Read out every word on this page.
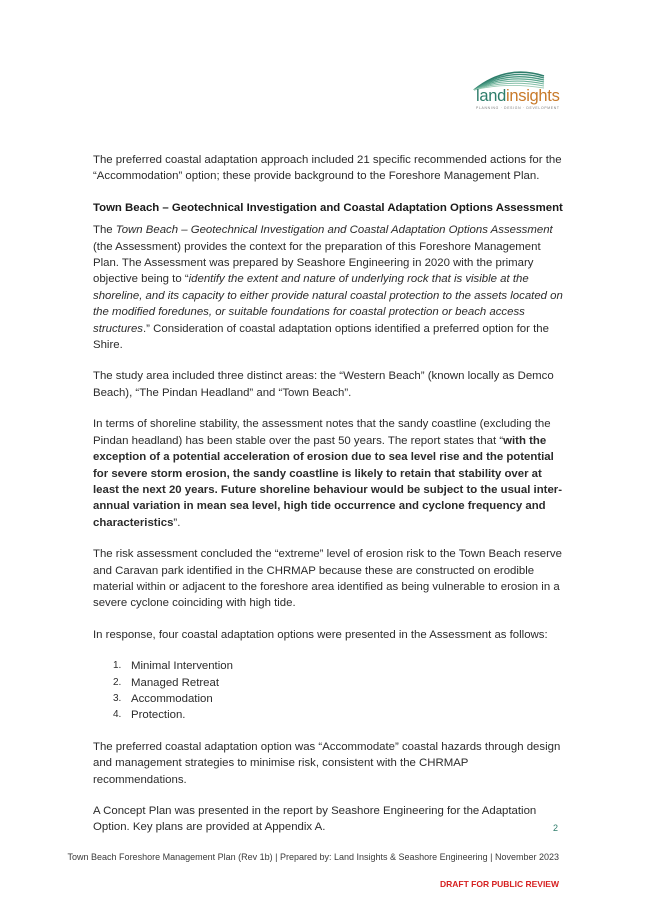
landinsights
PLANNING · DESIGN · DEVELOPMENT

The preferred coastal adaptation approach included 21 specific recommended actions for the “Accommodation” option; these provide background to the Foreshore Management Plan.

Town Beach – Geotechnical Investigation and Coastal Adaptation Options Assessment

The Town Beach – Geotechnical Investigation and Coastal Adaptation Options Assessment (the Assessment) provides the context for the preparation of this Foreshore Management Plan. The Assessment was prepared by Seashore Engineering in 2020 with the primary objective being to “identify the extent and nature of underlying rock that is visible at the shoreline, and its capacity to either provide natural coastal protection to the assets located on the modified foredunes, or suitable foundations for coastal protection or beach access structures.” Consideration of coastal adaptation options identified a preferred option for the Shire.

The study area included three distinct areas: the “Western Beach” (known locally as Demco Beach), “The Pindan Headland” and “Town Beach”.

In terms of shoreline stability, the assessment notes that the sandy coastline (excluding the Pindan headland) has been stable over the past 50 years. The report states that “with the exception of a potential acceleration of erosion due to sea level rise and the potential for severe storm erosion, the sandy coastline is likely to retain that stability over at least the next 20 years. Future shoreline behaviour would be subject to the usual inter-annual variation in mean sea level, high tide occurrence and cyclone frequency and characteristics”.

The risk assessment concluded the “extreme” level of erosion risk to the Town Beach reserve and Caravan park identified in the CHRMAP because these are constructed on erodible material within or adjacent to the foreshore area identified as being vulnerable to erosion in a severe cyclone coinciding with high tide.

In response, four coastal adaptation options were presented in the Assessment as follows:

1. Minimal Intervention
2. Managed Retreat
3. Accommodation
4. Protection.

The preferred coastal adaptation option was “Accommodate” coastal hazards through design and management strategies to minimise risk, consistent with the CHRMAP recommendations.

A Concept Plan was presented in the report by Seashore Engineering for the Adaptation Option. Key plans are provided at Appendix A.	2
Town Beach Foreshore Management Plan (Rev 1b) | Prepared by: Land Insights & Seashore Engineering | November 2023
DRAFT FOR PUBLIC REVIEW
